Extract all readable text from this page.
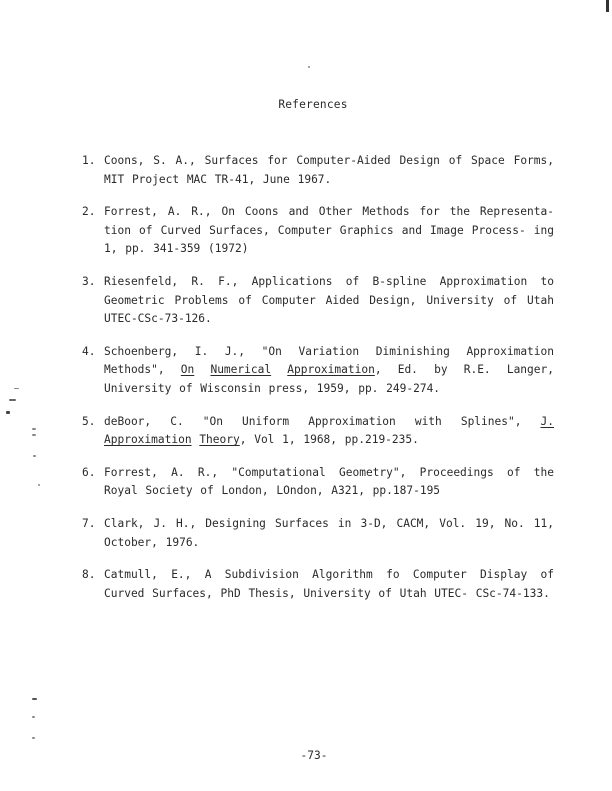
References
1. Coons, S. A., Surfaces for Computer-Aided Design of Space Forms, MIT Project MAC TR-41, June 1967.
2. Forrest, A. R., On Coons and Other Methods for the Representa- tion of Curved Surfaces, Computer Graphics and Image Process- ing 1, pp. 341-359 (1972)
3. Riesenfeld, R. F., Applications of B-spline Approximation to Geometric Problems of Computer Aided Design, University of Utah UTEC-CSc-73-126.
4. Schoenberg, I. J., "On Variation Diminishing Approximation Methods", On Numerical Approximation, Ed. by R.E. Langer, University of Wisconsin press, 1959, pp. 249-274.
5. deBoor, C. "On Uniform Approximation with Splines", J. Approximation Theory, Vol 1, 1968, pp.219-235.
6. Forrest, A. R., "Computational Geometry", Proceedings of the Royal Society of London, LOndon, A321, pp.187-195
7. Clark, J. H., Designing Surfaces in 3-D, CACM, Vol. 19, No. 11, October, 1976.
8. Catmull, E., A Subdivision Algorithm fo Computer Display of Curved Surfaces, PhD Thesis, University of Utah UTEC- CSc-74-133.
-73-
